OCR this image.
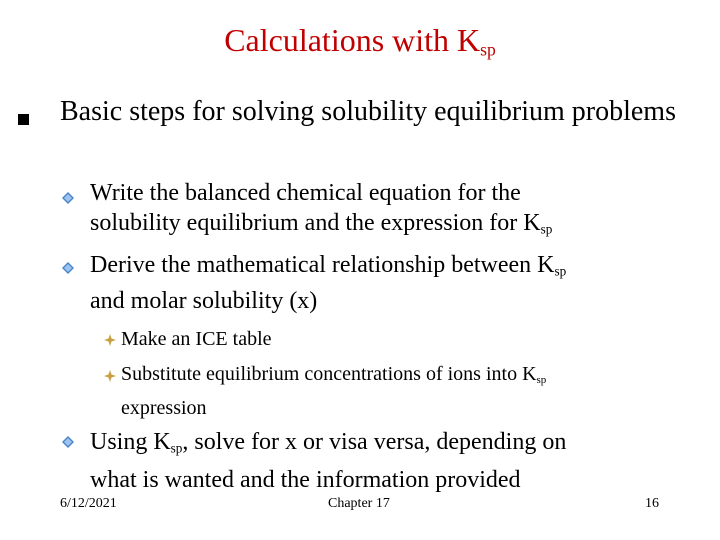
Calculations with $K_{sp}$
Basic steps for solving solubility equilibrium problems
Write the balanced chemical equation for the
solubility equilibrium and the expression for $K_{sp}$
Derive the mathematical relationship between $K_{sp}$
and molar solubility (x)
Make an ICE table
Substitute equilibrium concentrations of ions into $K_{sp}$
expression
Using $K_{sp}$, solve for x or visa versa, depending on
what is wanted and the information provided
6/12/2021	Chapter 17	16
